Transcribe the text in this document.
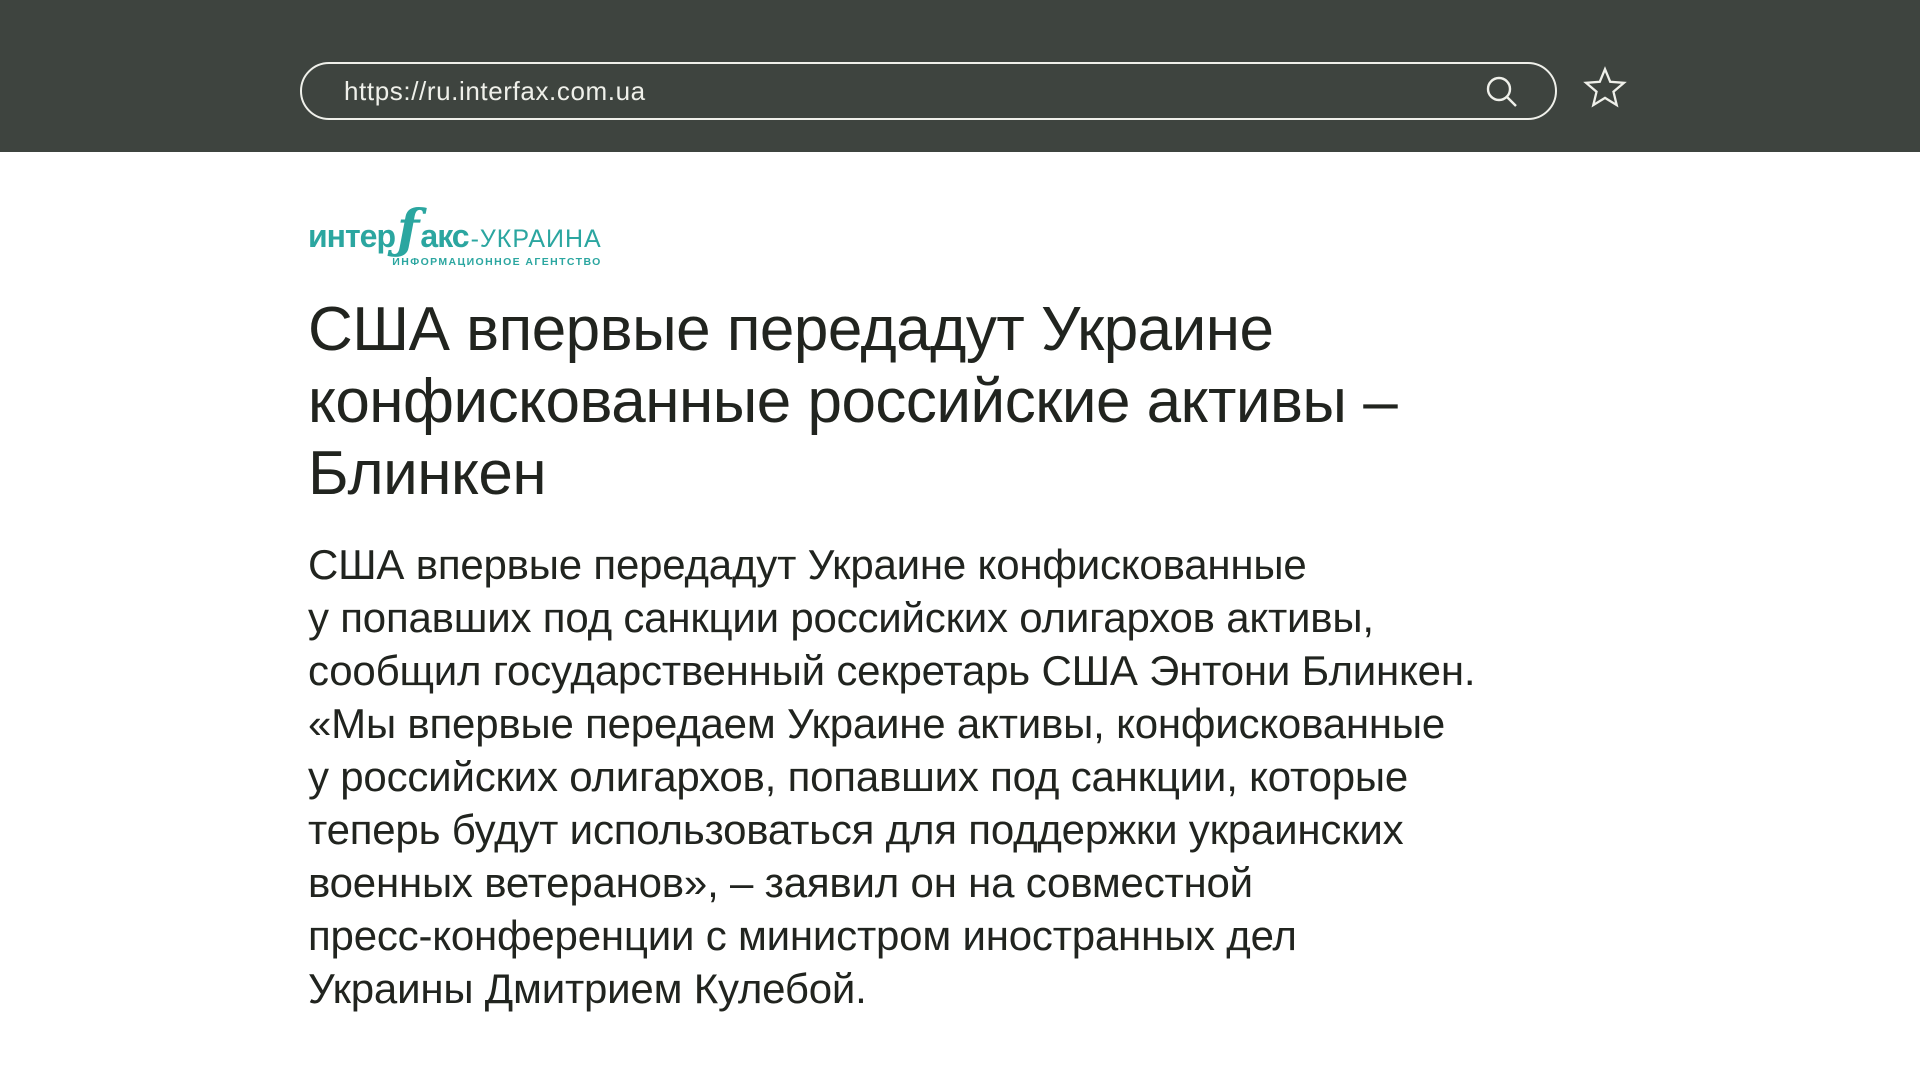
https://ru.interfax.com.ua
интер ƒ акс -УКРАИНА
ИНФОРМАЦИОННОЕ АГЕНТСТВО
США впервые передадут Украине
конфискованные российские активы –
Блинкен
США впервые передадут Украине конфискованные
у попавших под санкции российских олигархов активы,
сообщил государственный секретарь США Энтони Блинкен.
«Мы впервые передаем Украине активы, конфискованные
у российских олигархов, попавших под санкции, которые
теперь будут использоваться для поддержки украинских
военных ветеранов», – заявил он на совместной
пресс-конференции с министром иностранных дел
Украины Дмитрием Кулебой.
